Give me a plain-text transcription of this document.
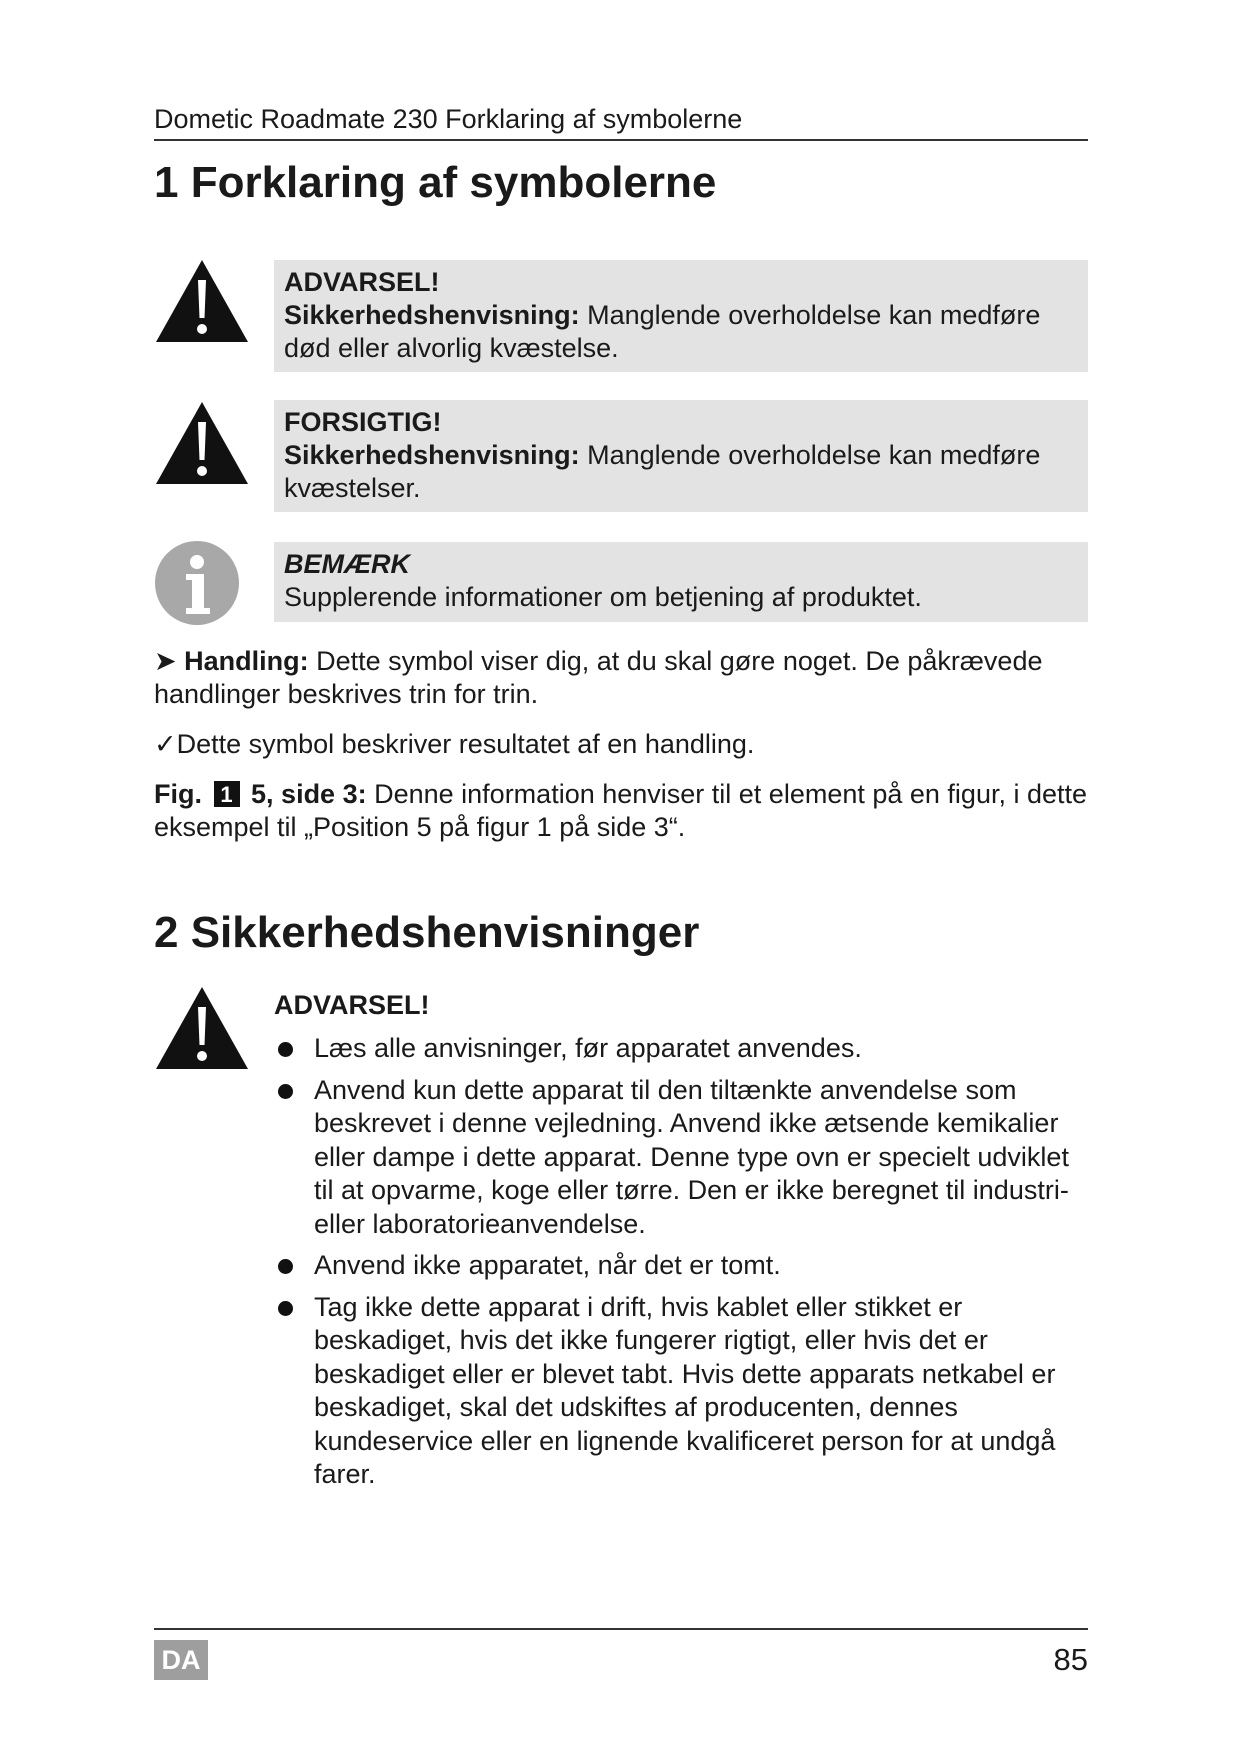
Dometic Roadmate 230 Forklaring af symbolerne
1 Forklaring af symbolerne
ADVARSEL!
Sikkerhedshenvisning: Manglende overholdelse kan medføre død eller alvorlig kvæstelse.
FORSIGTIG!
Sikkerhedshenvisning: Manglende overholdelse kan medføre kvæstelser.
BEMÆRK
Supplerende informationer om betjening af produktet.
➤ Handling: Dette symbol viser dig, at du skal gøre noget. De påkrævede handlinger beskrives trin for trin.
✓Dette symbol beskriver resultatet af en handling.
Fig. 1 5, side 3: Denne information henviser til et element på en figur, i dette eksempel til „Position 5 på figur 1 på side 3“.
2 Sikkerhedshenvisninger
ADVARSEL!
Læs alle anvisninger, før apparatet anvendes.
Anvend kun dette apparat til den tiltænkte anvendelse som beskrevet i denne vejledning. Anvend ikke ætsende kemikalier eller dampe i dette apparat. Denne type ovn er specielt udviklet til at opvarme, koge eller tørre. Den er ikke beregnet til industri- eller laboratorieanvendelse.
Anvend ikke apparatet, når det er tomt.
Tag ikke dette apparat i drift, hvis kablet eller stikket er beskadiget, hvis det ikke fungerer rigtigt, eller hvis det er beskadiget eller er blevet tabt. Hvis dette apparats netkabel er beskadiget, skal det udskiftes af producenten, dennes kundeservice eller en lignende kvalificeret person for at undgå farer.
DA	85
